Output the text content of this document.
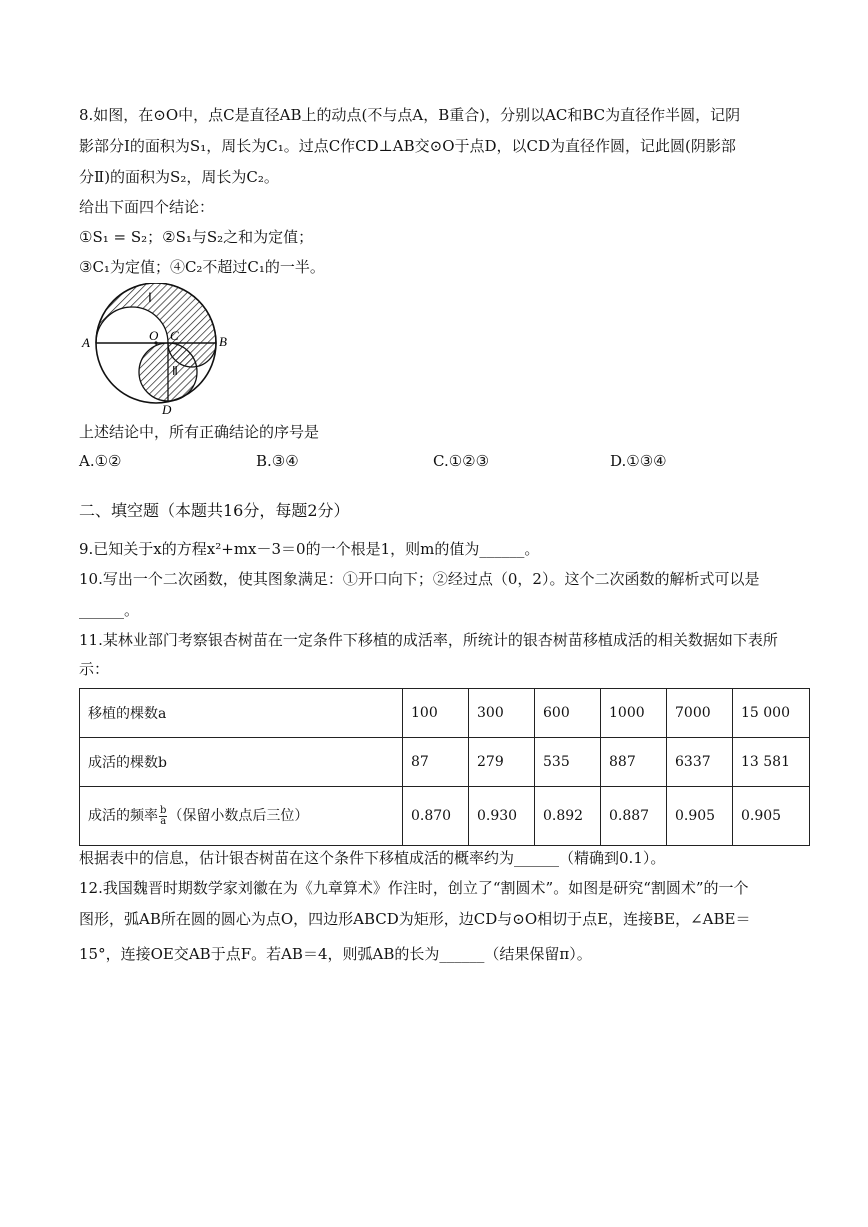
8.如图，在⊙O中，点C是直径AB上的动点(不与点A，B重合)，分别以AC和BC为直径作半圆，记阴
影部分Ⅰ的面积为S₁，周长为C₁。过点C作CD⊥AB交⊙O于点D，以CD为直径作圆，记此圆(阴影部
分Ⅱ)的面积为S₂，周长为C₂。
给出下面四个结论：
①S₁ = S₂；②S₁与S₂之和为定值；
③C₁为定值；④C₂不超过C₁的一半。
Ⅰ
Ⅱ
A	B
O C
D
上述结论中，所有正确结论的序号是
A.①②	B.③④	C.①②③	D.①③④
二、填空题（本题共16分，每题2分）
9.已知关于x的方程x²+mx－3＝0的一个根是1，则m的值为______。
10.写出一个二次函数，使其图象满足：①开口向下；②经过点（0，2）。这个二次函数的解析式可以是
______。
11.某林业部门考察银杏树苗在一定条件下移植的成活率，所统计的银杏树苗移植成活的相关数据如下表所
示：
移植的棵数a	100	300	600	1000	7000	15 000
成活的棵数b	87	279	535	887	6337	13 581
成活的频率 $\frac{b}{a}$ （保留小数点后三位）	0.870	0.930	0.892	0.887	0.905	0.905
根据表中的信息，估计银杏树苗在这个条件下移植成活的概率约为______（精确到0.1）。
12.我国魏晋时期数学家刘徽在为《九章算术》作注时，创立了“割圆术”。如图是研究“割圆术”的一个
图形，弧AB所在圆的圆心为点O，四边形ABCD为矩形，边CD与⊙O相切于点E，连接BE，∠ABE＝
15°，连接OE交AB于点F。若AB＝4，则弧AB的长为______（结果保留π）。
